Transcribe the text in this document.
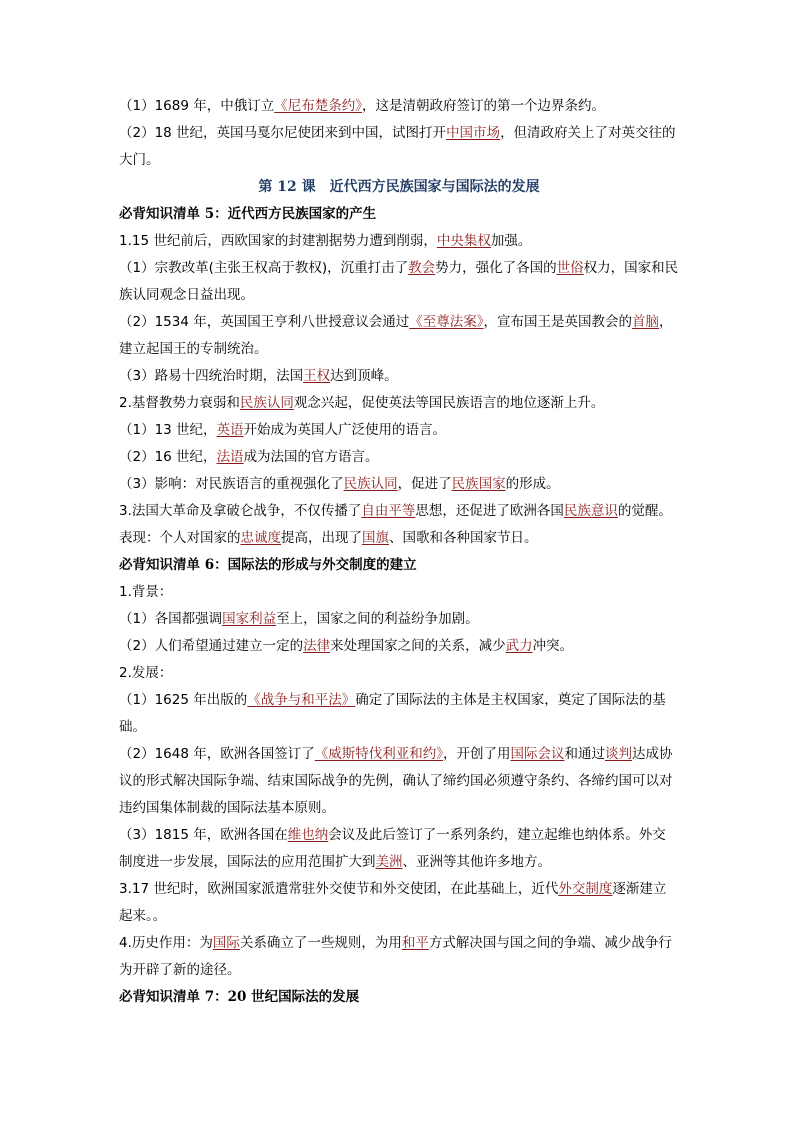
（1）1689 年，中俄订立《尼布楚条约》，这是清朝政府签订的第一个边界条约。
（2）18 世纪，英国马戛尔尼使团来到中国，试图打开中国市场，但清政府关上了对英交往的大门。
第 12 课　近代西方民族国家与国际法的发展
必背知识清单 5：近代西方民族国家的产生
1.15 世纪前后，西欧国家的封建割据势力遭到削弱，中央集权加强。
（1）宗教改革(主张王权高于教权)，沉重打击了教会势力，强化了各国的世俗权力，国家和民族认同观念日益出现。
（2）1534 年，英国国王亨利八世授意议会通过《至尊法案》，宣布国王是英国教会的首脑，建立起国王的专制统治。
（3）路易十四统治时期，法国王权达到顶峰。
2.基督教势力衰弱和民族认同观念兴起，促使英法等国民族语言的地位逐渐上升。
（1）13 世纪，英语开始成为英国人广泛使用的语言。
（2）16 世纪，法语成为法国的官方语言。
（3）影响：对民族语言的重视强化了民族认同，促进了民族国家的形成。
3.法国大革命及拿破仑战争，不仅传播了自由平等思想，还促进了欧洲各国民族意识的觉醒。表现：个人对国家的忠诚度提高，出现了国旗、国歌和各种国家节日。
必背知识清单 6：国际法的形成与外交制度的建立
1.背景：
（1）各国都强调国家利益至上，国家之间的利益纷争加剧。
（2）人们希望通过建立一定的法律来处理国家之间的关系，减少武力冲突。
2.发展：
（1）1625 年出版的《战争与和平法》确定了国际法的主体是主权国家，奠定了国际法的基础。
（2）1648 年，欧洲各国签订了《威斯特伐利亚和约》，开创了用国际会议和通过谈判达成协议的形式解决国际争端、结束国际战争的先例，确认了缔约国必须遵守条约、各缔约国可以对违约国集体制裁的国际法基本原则。
（3）1815 年，欧洲各国在维也纳会议及此后签订了一系列条约，建立起维也纳体系。外交制度进一步发展，国际法的应用范围扩大到美洲、亚洲等其他许多地方。
3.17 世纪时，欧洲国家派遣常驻外交使节和外交使团，在此基础上，近代外交制度逐渐建立起来。。
4.历史作用：为国际关系确立了一些规则，为用和平方式解决国与国之间的争端、减少战争行为开辟了新的途径。
必背知识清单 7：20 世纪国际法的发展
